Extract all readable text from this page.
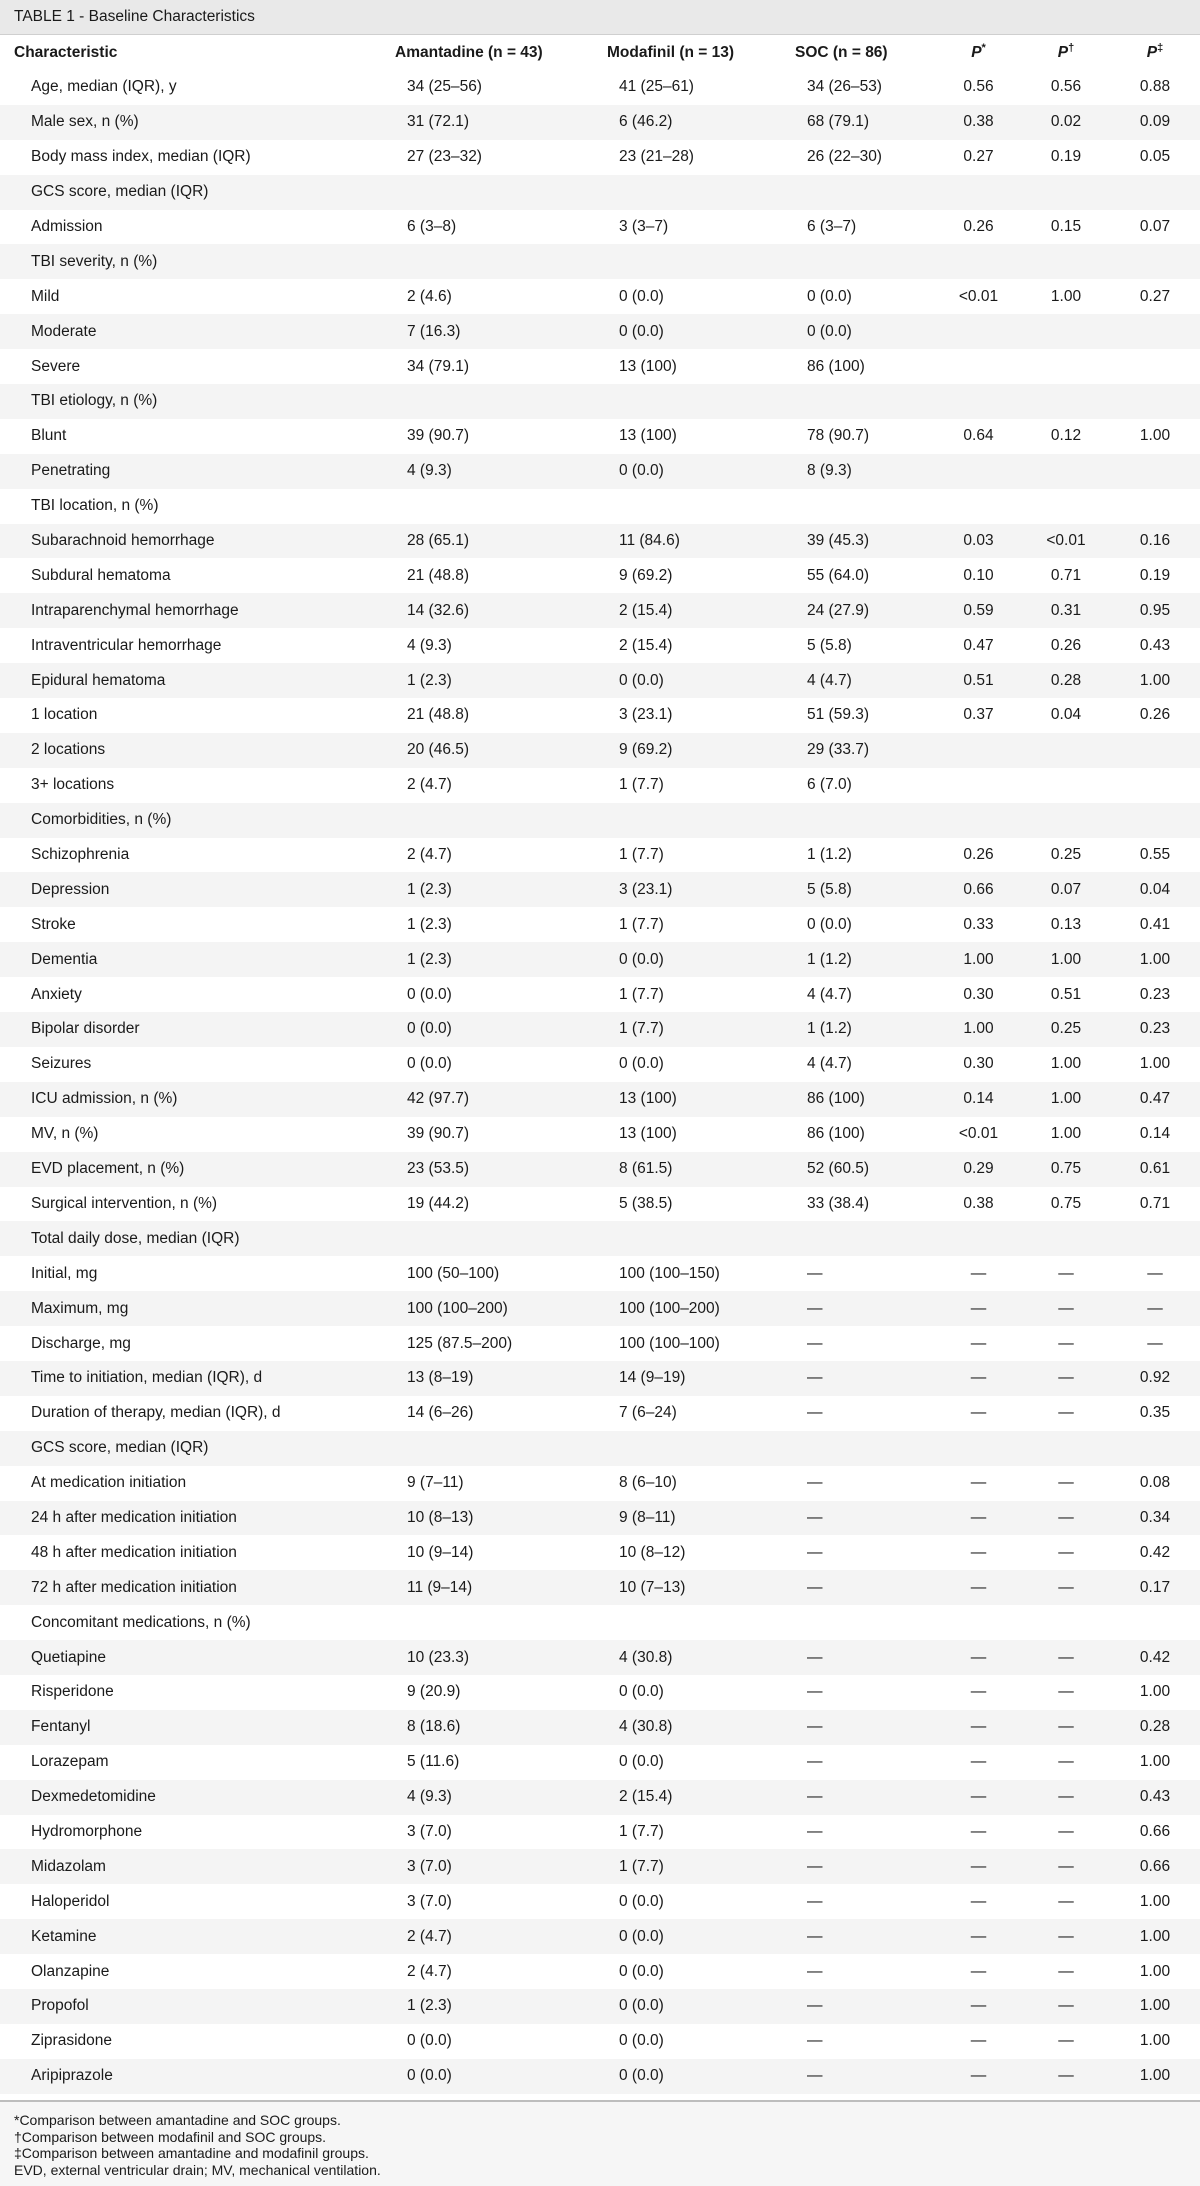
TABLE 1 - Baseline Characteristics
Characteristic	Amantadine (n = 43)	Modafinil (n = 13)	SOC (n = 86)	P*	P†	P‡
Age, median (IQR), y	34 (25–56)	41 (25–61)	34 (26–53)	0.56	0.56	0.88
Male sex, n (%)	31 (72.1)	6 (46.2)	68 (79.1)	0.38	0.02	0.09
Body mass index, median (IQR)	27 (23–32)	23 (21–28)	26 (22–30)	0.27	0.19	0.05
GCS score, median (IQR)						
Admission	6 (3–8)	3 (3–7)	6 (3–7)	0.26	0.15	0.07
TBI severity, n (%)						
Mild	2 (4.6)	0 (0.0)	0 (0.0)	<0.01	1.00	0.27
Moderate	7 (16.3)	0 (0.0)	0 (0.0)			
Severe	34 (79.1)	13 (100)	86 (100)			
TBI etiology, n (%)						
Blunt	39 (90.7)	13 (100)	78 (90.7)	0.64	0.12	1.00
Penetrating	4 (9.3)	0 (0.0)	8 (9.3)			
TBI location, n (%)						
Subarachnoid hemorrhage	28 (65.1)	11 (84.6)	39 (45.3)	0.03	<0.01	0.16
Subdural hematoma	21 (48.8)	9 (69.2)	55 (64.0)	0.10	0.71	0.19
Intraparenchymal hemorrhage	14 (32.6)	2 (15.4)	24 (27.9)	0.59	0.31	0.95
Intraventricular hemorrhage	4 (9.3)	2 (15.4)	5 (5.8)	0.47	0.26	0.43
Epidural hematoma	1 (2.3)	0 (0.0)	4 (4.7)	0.51	0.28	1.00
1 location	21 (48.8)	3 (23.1)	51 (59.3)	0.37	0.04	0.26
2 locations	20 (46.5)	9 (69.2)	29 (33.7)			
3+ locations	2 (4.7)	1 (7.7)	6 (7.0)			
Comorbidities, n (%)						
Schizophrenia	2 (4.7)	1 (7.7)	1 (1.2)	0.26	0.25	0.55
Depression	1 (2.3)	3 (23.1)	5 (5.8)	0.66	0.07	0.04
Stroke	1 (2.3)	1 (7.7)	0 (0.0)	0.33	0.13	0.41
Dementia	1 (2.3)	0 (0.0)	1 (1.2)	1.00	1.00	1.00
Anxiety	0 (0.0)	1 (7.7)	4 (4.7)	0.30	0.51	0.23
Bipolar disorder	0 (0.0)	1 (7.7)	1 (1.2)	1.00	0.25	0.23
Seizures	0 (0.0)	0 (0.0)	4 (4.7)	0.30	1.00	1.00
ICU admission, n (%)	42 (97.7)	13 (100)	86 (100)	0.14	1.00	0.47
MV, n (%)	39 (90.7)	13 (100)	86 (100)	<0.01	1.00	0.14
EVD placement, n (%)	23 (53.5)	8 (61.5)	52 (60.5)	0.29	0.75	0.61
Surgical intervention, n (%)	19 (44.2)	5 (38.5)	33 (38.4)	0.38	0.75	0.71
Total daily dose, median (IQR)						
Initial, mg	100 (50–100)	100 (100–150)	—	—	—	—
Maximum, mg	100 (100–200)	100 (100–200)	—	—	—	—
Discharge, mg	125 (87.5–200)	100 (100–100)	—	—	—	—
Time to initiation, median (IQR), d	13 (8–19)	14 (9–19)	—	—	—	0.92
Duration of therapy, median (IQR), d	14 (6–26)	7 (6–24)	—	—	—	0.35
GCS score, median (IQR)						
At medication initiation	9 (7–11)	8 (6–10)	—	—	—	0.08
24 h after medication initiation	10 (8–13)	9 (8–11)	—	—	—	0.34
48 h after medication initiation	10 (9–14)	10 (8–12)	—	—	—	0.42
72 h after medication initiation	11 (9–14)	10 (7–13)	—	—	—	0.17
Concomitant medications, n (%)						
Quetiapine	10 (23.3)	4 (30.8)	—	—	—	0.42
Risperidone	9 (20.9)	0 (0.0)	—	—	—	1.00
Fentanyl	8 (18.6)	4 (30.8)	—	—	—	0.28
Lorazepam	5 (11.6)	0 (0.0)	—	—	—	1.00
Dexmedetomidine	4 (9.3)	2 (15.4)	—	—	—	0.43
Hydromorphone	3 (7.0)	1 (7.7)	—	—	—	0.66
Midazolam	3 (7.0)	1 (7.7)	—	—	—	0.66
Haloperidol	3 (7.0)	0 (0.0)	—	—	—	1.00
Ketamine	2 (4.7)	0 (0.0)	—	—	—	1.00
Olanzapine	2 (4.7)	0 (0.0)	—	—	—	1.00
Propofol	1 (2.3)	0 (0.0)	—	—	—	1.00
Ziprasidone	0 (0.0)	0 (0.0)	—	—	—	1.00
Aripiprazole	0 (0.0)	0 (0.0)	—	—	—	1.00
*Comparison between amantadine and SOC groups.
†Comparison between modafinil and SOC groups.
‡Comparison between amantadine and modafinil groups.
EVD, external ventricular drain; MV, mechanical ventilation.
